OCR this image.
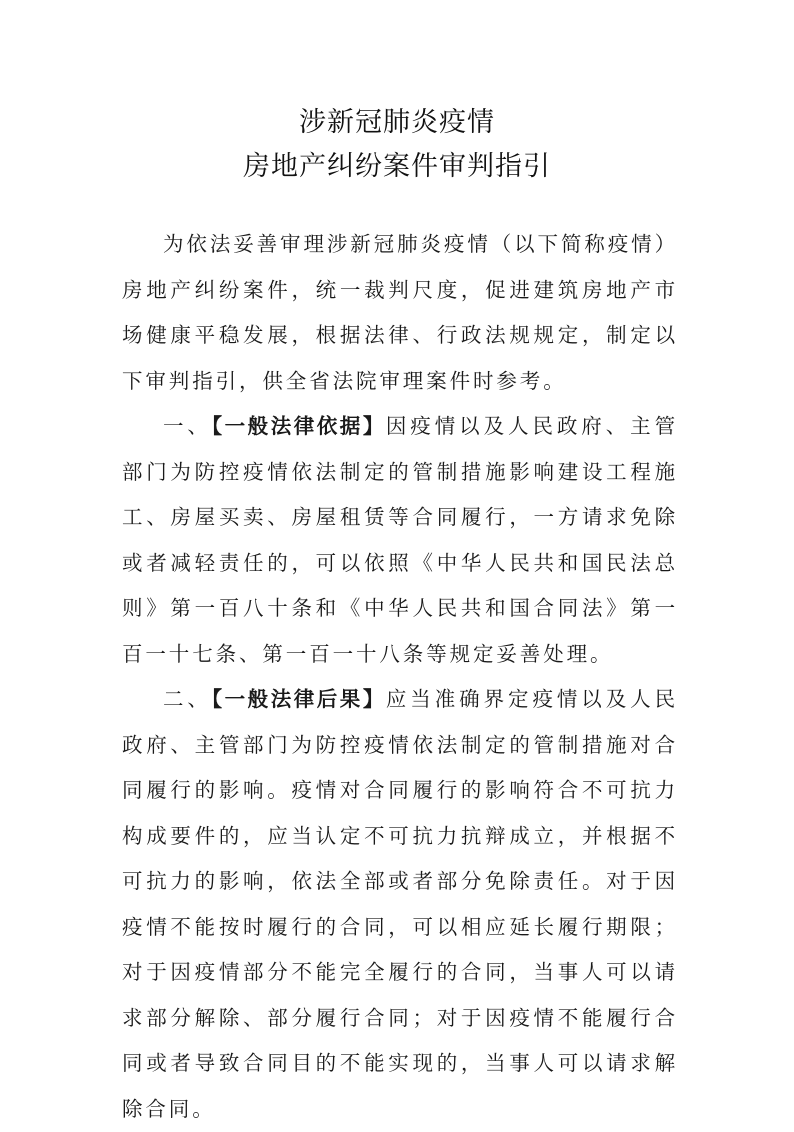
涉新冠肺炎疫情
房地产纠纷案件审判指引

为依法妥善审理涉新冠肺炎疫情（以下简称疫情）房地产纠纷案件，统一裁判尺度，促进建筑房地产市场健康平稳发展，根据法律、行政法规规定，制定以下审判指引，供全省法院审理案件时参考。

一、【一般法律依据】因疫情以及人民政府、主管部门为防控疫情依法制定的管制措施影响建设工程施工、房屋买卖、房屋租赁等合同履行，一方请求免除或者减轻责任的，可以依照《中华人民共和国民法总则》第一百八十条和《中华人民共和国合同法》第一百一十七条、第一百一十八条等规定妥善处理。

二、【一般法律后果】应当准确界定疫情以及人民政府、主管部门为防控疫情依法制定的管制措施对合同履行的影响。疫情对合同履行的影响符合不可抗力构成要件的，应当认定不可抗力抗辩成立，并根据不可抗力的影响，依法全部或者部分免除责任。对于因疫情不能按时履行的合同，可以相应延长履行期限；对于因疫情部分不能完全履行的合同，当事人可以请求部分解除、部分履行合同；对于因疫情不能履行合同或者导致合同目的不能实现的，当事人可以请求解除合同。
